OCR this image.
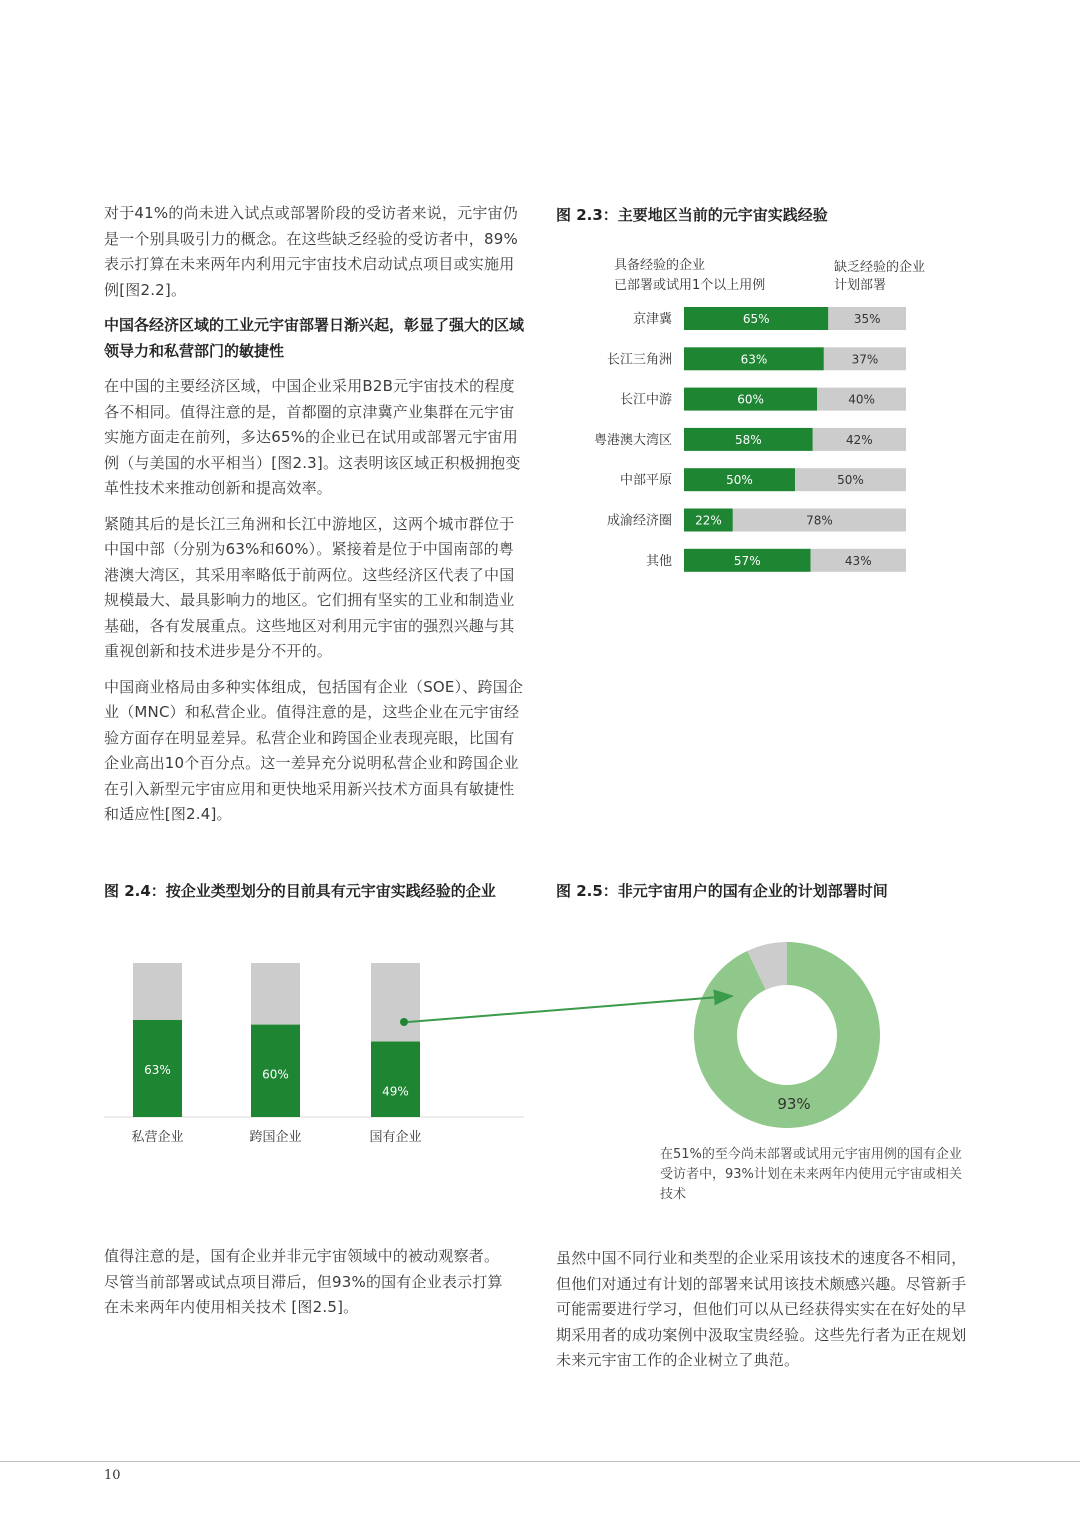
对于41%的尚未进入试点或部署阶段的受访者来说，元宇宙仍是一个别具吸引力的概念。在这些缺乏经验的受访者中，89%表示打算在未来两年内利用元宇宙技术启动试点项目或实施用例[图2.2]。

中国各经济区域的工业元宇宙部署日渐兴起，彰显了强大的区域领导力和私营部门的敏捷性

在中国的主要经济区域，中国企业采用B2B元宇宙技术的程度各不相同。值得注意的是，首都圈的京津冀产业集群在元宇宙实施方面走在前列，多达65%的企业已在试用或部署元宇宙用例（与美国的水平相当）[图2.3]。这表明该区域正积极拥抱变革性技术来推动创新和提高效率。

紧随其后的是长江三角洲和长江中游地区，这两个城市群位于中国中部（分别为63%和60%）。紧接着是位于中国南部的粤港澳大湾区，其采用率略低于前两位。这些经济区代表了中国规模最大、最具影响力的地区。它们拥有坚实的工业和制造业基础，各有发展重点。这些地区对利用元宇宙的强烈兴趣与其重视创新和技术进步是分不开的。

中国商业格局由多种实体组成，包括国有企业（SOE）、跨国企业（MNC）和私营企业。值得注意的是，这些企业在元宇宙经验方面存在明显差异。私营企业和跨国企业表现亮眼，比国有企业高出10个百分点。这一差异充分说明私营企业和跨国企业在引入新型元宇宙应用和更快地采用新兴技术方面具有敏捷性和适应性[图2.4]。

图 2.3：主要地区当前的元宇宙实践经验
具备经验的企业
已部署或试用1个以上用例
缺乏经验的企业
计划部署
京津冀	65%	35%
长江三角洲	63%	37%
长江中游	60%	40%
粤港澳大湾区	58%	42%
中部平原	50%	50%
成渝经济圈 22%	78%
其他	57%	43%
图 2.4：按企业类型划分的目前具有元宇宙实践经验的企业
63%
私营企业
60%
跨国企业
49%
国有企业
图 2.5：非元宇宙用户的国有企业的计划部署时间
93%
在51%的至今尚未部署或试用元宇宙用例的国有企业受访者中，93%计划在未来两年内使用元宇宙或相关技术

值得注意的是，国有企业并非元宇宙领域中的被动观察者。尽管当前部署或试点项目滞后，但93%的国有企业表示打算在未来两年内使用相关技术 [图2.5]。

虽然中国不同行业和类型的企业采用该技术的速度各不相同，但他们对通过有计划的部署来试用该技术颇感兴趣。尽管新手可能需要进行学习，但他们可以从已经获得实实在在好处的早期采用者的成功案例中汲取宝贵经验。这些先行者为正在规划未来元宇宙工作的企业树立了典范。

10
